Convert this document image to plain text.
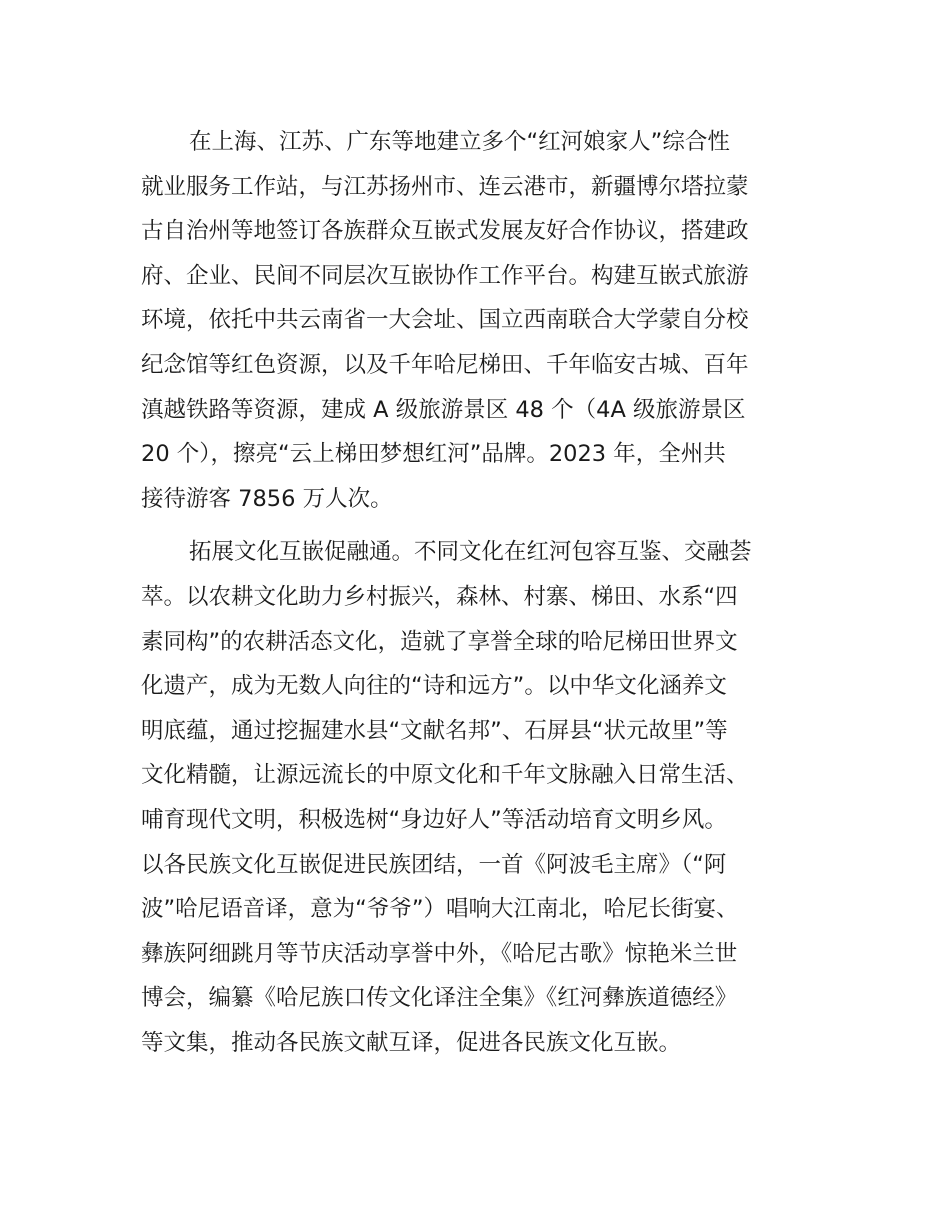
在上海、江苏、广东等地建立多个“红河娘家人”综合性
就业服务工作站，与江苏扬州市、连云港市，新疆博尔塔拉蒙
古自治州等地签订各族群众互嵌式发展友好合作协议，搭建政
府、企业、民间不同层次互嵌协作工作平台。构建互嵌式旅游
环境，依托中共云南省一大会址、国立西南联合大学蒙自分校
纪念馆等红色资源，以及千年哈尼梯田、千年临安古城、百年
滇越铁路等资源，建成 A 级旅游景区 48 个（4A 级旅游景区
20 个），擦亮“云上梯田梦想红河”品牌。2023 年，全州共
接待游客 7856 万人次。

拓展文化互嵌促融通。不同文化在红河包容互鉴、交融荟
萃。以农耕文化助力乡村振兴，森林、村寨、梯田、水系“四
素同构”的农耕活态文化，造就了享誉全球的哈尼梯田世界文
化遗产，成为无数人向往的“诗和远方”。以中华文化涵养文
明底蕴，通过挖掘建水县“文献名邦”、石屏县“状元故里”等
文化精髓，让源远流长的中原文化和千年文脉融入日常生活、
哺育现代文明，积极选树“身边好人”等活动培育文明乡风。
以各民族文化互嵌促进民族团结，一首《阿波毛主席》（“阿
波”哈尼语音译，意为“爷爷”）唱响大江南北，哈尼长街宴、
彝族阿细跳月等节庆活动享誉中外，《哈尼古歌》惊艳米兰世
博会，编纂《哈尼族口传文化译注全集》《红河彝族道德经》
等文集，推动各民族文献互译，促进各民族文化互嵌。
